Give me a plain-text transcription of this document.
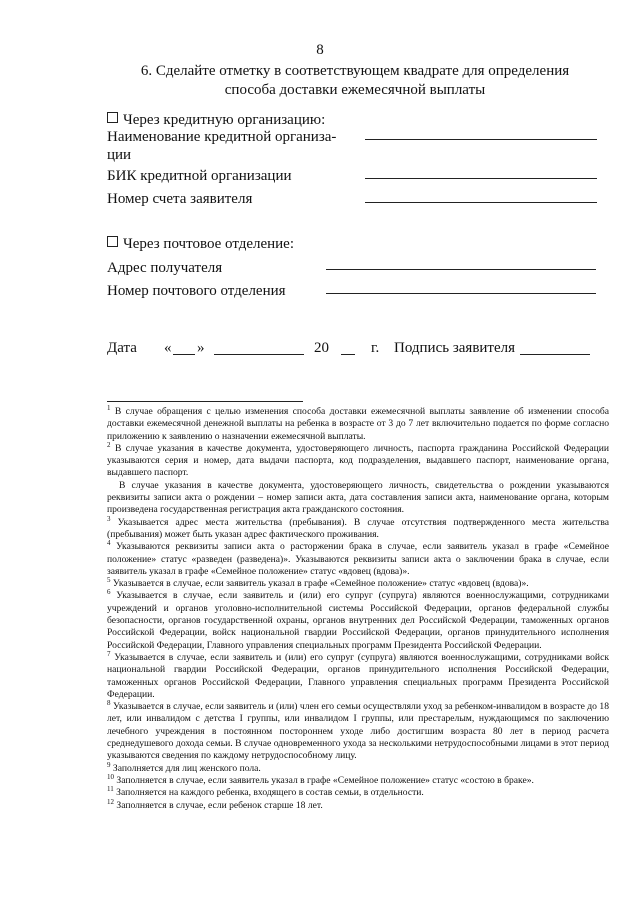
8
6. Сделайте отметку в соответствующем квадрате для определения
способа доставки ежемесячной выплаты
Через кредитную организацию:
Наименование кредитной организа-
ции
БИК кредитной организации
Номер счета заявителя
Через почтовое отделение:
Адрес получателя
Номер почтового отделения
Дата « »	20	г. Подпись заявителя

$^1$ В случае обращения с целью изменения способа доставки ежемесячной выплаты заявление об изменении способа доставки ежемесячной денежной выплаты на ребенка в возрасте от 3 до 7 лет включительно подается по форме согласно приложению к заявлению о назначении ежемесячной выплаты.

$^2$ В случае указания в качестве документа, удостоверяющего личность, паспорта гражданина Российской Федерации указываются серия и номер, дата выдачи паспорта, код подразделения, выдавшего паспорт, наименование органа, выдавшего паспорт.

В случае указания в качестве документа, удостоверяющего личность, свидетельства о рождении указываются реквизиты записи акта о рождении – номер записи акта, дата составления записи акта, наименование органа, которым произведена государственная регистрация акта гражданского состояния.

$^3$ Указывается адрес места жительства (пребывания). В случае отсутствия подтвержденного места жительства (пребывания) может быть указан адрес фактического проживания.

$^4$ Указываются реквизиты записи акта о расторжении брака в случае, если заявитель указал в графе «Семейное положение» статус «разведен (разведена)». Указываются реквизиты записи акта о заключении брака в случае, если заявитель указал в графе «Семейное положение» статус «вдовец (вдова)».

$^5$ Указывается в случае, если заявитель указал в графе «Семейное положение» статус «вдовец (вдова)».

$^6$ Указывается в случае, если заявитель и (или) его супруг (супруга) являются военнослужащими, сотрудниками учреждений и органов уголовно-исполнительной системы Российской Федерации, органов федеральной службы безопасности, органов государственной охраны, органов внутренних дел Российской Федерации, таможенных органов Российской Федерации, войск национальной гвардии Российской Федерации, органов принудительного исполнения Российской Федерации, Главного управления специальных программ Президента Российской Федерации.

$^7$ Указывается в случае, если заявитель и (или) его супруг (супруга) являются военнослужащими, сотрудниками войск национальной гвардии Российской Федерации, органов принудительного исполнения Российской Федерации, таможенных органов Российской Федерации, Главного управления специальных программ Президента Российской Федерации.

$^8$ Указывается в случае, если заявитель и (или) член его семьи осуществляли уход за ребенком-инвалидом в возрасте до 18 лет, или инвалидом с детства I группы, или инвалидом I группы, или престарелым, нуждающимся по заключению лечебного учреждения в постоянном постороннем уходе либо достигшим возраста 80 лет в период расчета среднедушевого дохода семьи. В случае одновременного ухода за несколькими нетрудоспособными лицами в этот период указываются сведения по каждому нетрудоспособному лицу.

$^9$ Заполняется для лиц женского пола.

$^{10}$ Заполняется в случае, если заявитель указал в графе «Семейное положение» статус «состою в браке».

$^{11}$ Заполняется на каждого ребенка, входящего в состав семьи, в отдельности.

$^{12}$ Заполняется в случае, если ребенок старше 18 лет.
